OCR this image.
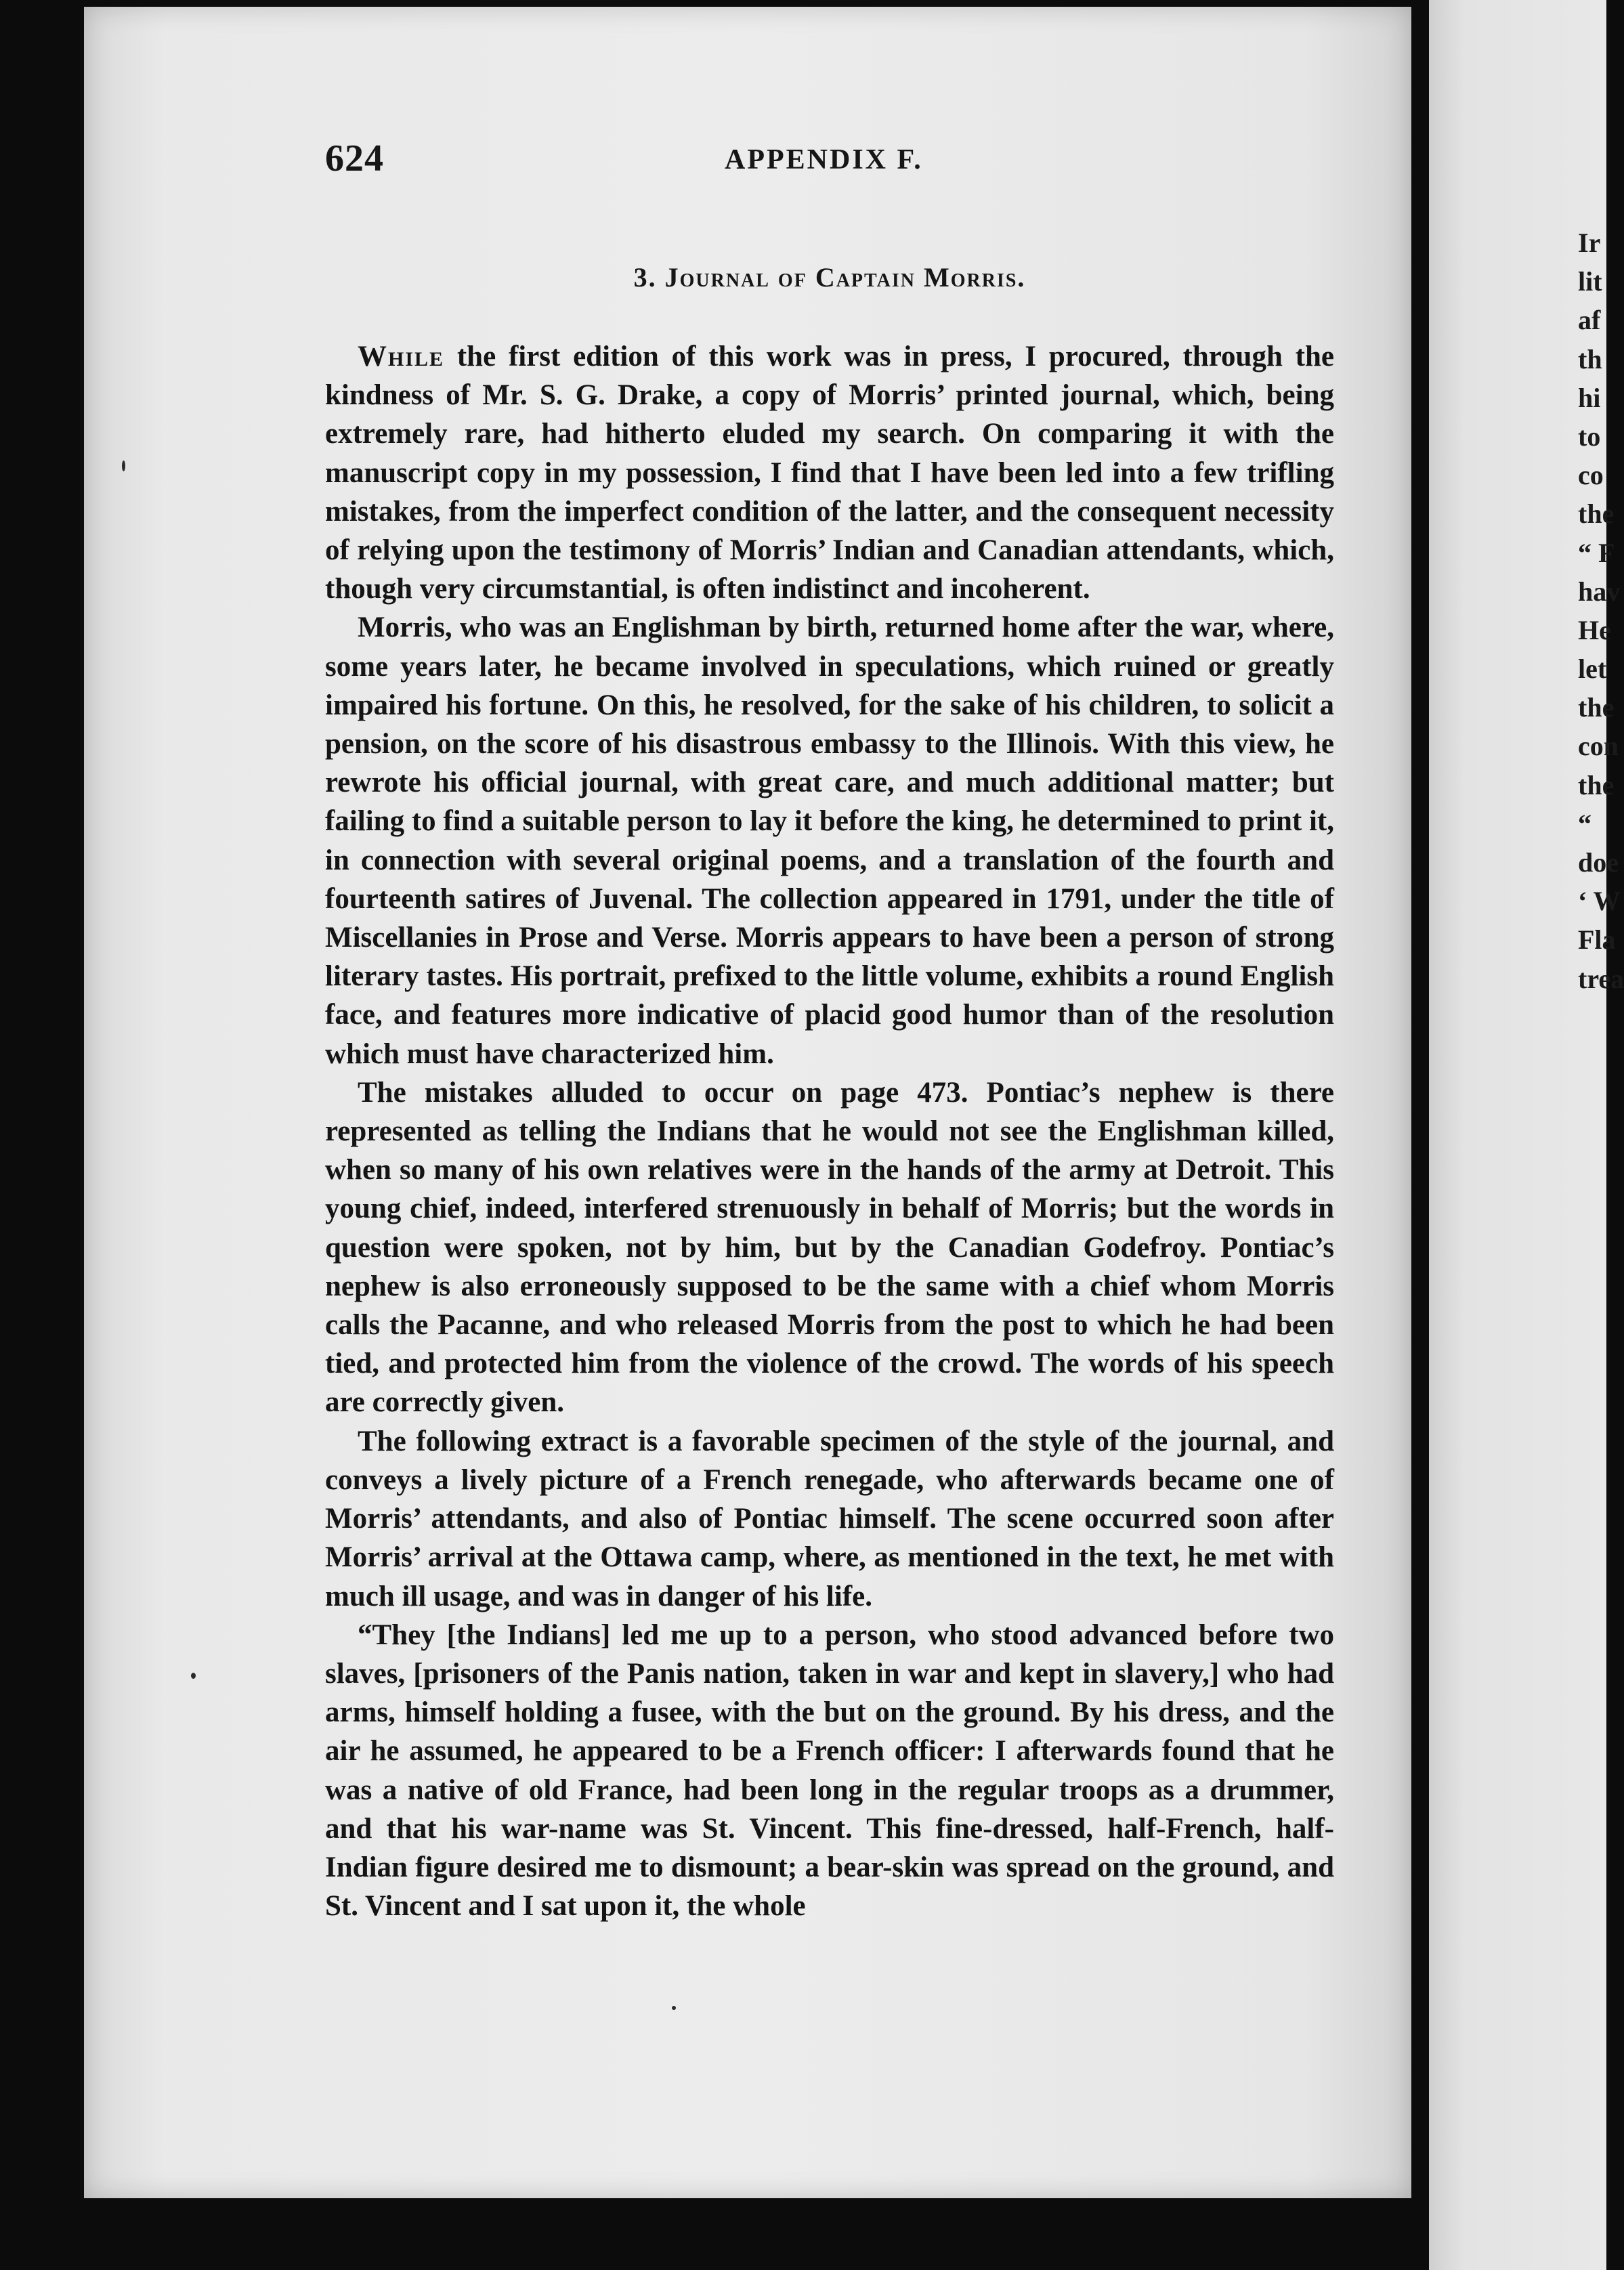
624	APPENDIX F.
3. Journal of Captain Morris.

While the first edition of this work was in press, I procured, through the kindness of Mr. S. G. Drake, a copy of Morris’ printed journal, which, being extremely rare, had hitherto eluded my search. On comparing it with the manuscript copy in my possession, I find that I have been led into a few trifling mistakes, from the imperfect condition of the latter, and the consequent necessity of relying upon the testimony of Morris’ Indian and Canadian attendants, which, though very circumstantial, is often indistinct and incoherent.

Morris, who was an Englishman by birth, returned home after the war, where, some years later, he became involved in speculations, which ruined or greatly impaired his fortune. On this, he resolved, for the sake of his children, to solicit a pension, on the score of his disastrous embassy to the Illinois. With this view, he rewrote his official journal, with great care, and much additional matter; but failing to find a suitable person to lay it before the king, he determined to print it, in connection with several original poems, and a translation of the fourth and fourteenth satires of Juvenal. The collection appeared in 1791, under the title of Miscellanies in Prose and Verse. Morris appears to have been a person of strong literary tastes. His portrait, prefixed to the little volume, exhibits a round English face, and features more indicative of placid good humor than of the resolution which must have characterized him.

The mistakes alluded to occur on page 473. Pontiac’s nephew is there represented as telling the Indians that he would not see the Englishman killed, when so many of his own relatives were in the hands of the army at Detroit. This young chief, indeed, interfered strenuously in behalf of Morris; but the words in question were spoken, not by him, but by the Canadian Godefroy. Pontiac’s nephew is also erroneously supposed to be the same with a chief whom Morris calls the Pacanne, and who released Morris from the post to which he had been tied, and protected him from the violence of the crowd. The words of his speech are correctly given.

The following extract is a favorable specimen of the style of the journal, and conveys a lively picture of a French renegade, who afterwards became one of Morris’ attendants, and also of Pontiac himself. The scene occurred soon after Morris’ arrival at the Ottawa camp, where, as mentioned in the text, he met with much ill usage, and was in danger of his life.

“They [the Indians] led me up to a person, who stood advanced before two slaves, [prisoners of the Panis nation, taken in war and kept in slavery,] who had arms, himself holding a fusee, with the but on the ground. By his dress, and the air he assumed, he appeared to be a French officer: I afterwards found that he was a native of old France, had been long in the regular troops as a drummer, and that his war-name was St. Vincent. This fine-dressed, half-French, half-Indian figure desired me to dismount; a bear-skin was spread on the ground, and St. Vincent and I sat upon it, the whole

Ir
lit
af
th
hi
to
co
the
“ F
hav
He
let
the
con
the
“
doe
‘ W
Fla
trea
